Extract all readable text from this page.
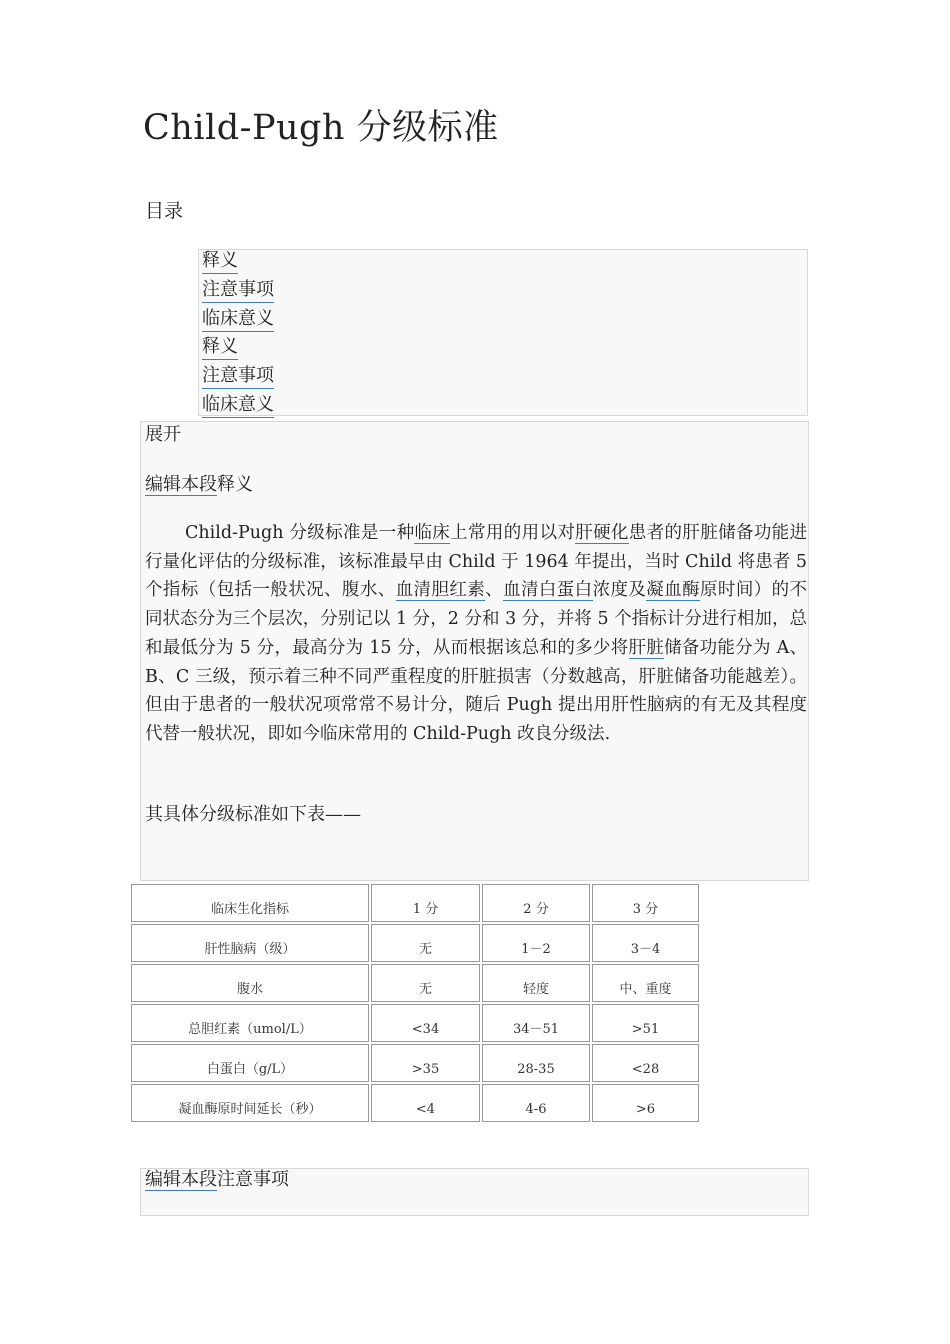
Child-Pugh 分级标准
目录
释义
注意事项
临床意义
释义
注意事项
临床意义
展开
编辑本段释义

Child-Pugh 分级标准是一种临床上常用的用以对肝硬化患者的肝脏储备功能进行量化评估的分级标准，该标准最早由 Child 于 1964 年提出，当时 Child 将患者 5 个指标（包括一般状况、腹水、血清胆红素、血清白蛋白浓度及凝血酶原时间）的不同状态分为三个层次，分别记以 1 分，2 分和 3 分，并将 5 个指标计分进行相加，总和最低分为 5 分，最高分为 15 分，从而根据该总和的多少将肝脏储备功能分为 A、B、C 三级，预示着三种不同严重程度的肝脏损害（分数越高，肝脏储备功能越差）。但由于患者的一般状况项常常不易计分，随后 Pugh 提出用肝性脑病的有无及其程度代替一般状况，即如今临床常用的 Child-Pugh 改良分级法.

其具体分级标准如下表——
临床生化指标	1 分	2 分	3 分
肝性脑病（级）	无	1－2	3－4
腹水	无	轻度	中、重度
总胆红素（umol/L）	<34	34－51	>51
白蛋白（g/L）	>35	28-35	<28
凝血酶原时间延长（秒）	<4	4-6	>6
编辑本段注意事项
